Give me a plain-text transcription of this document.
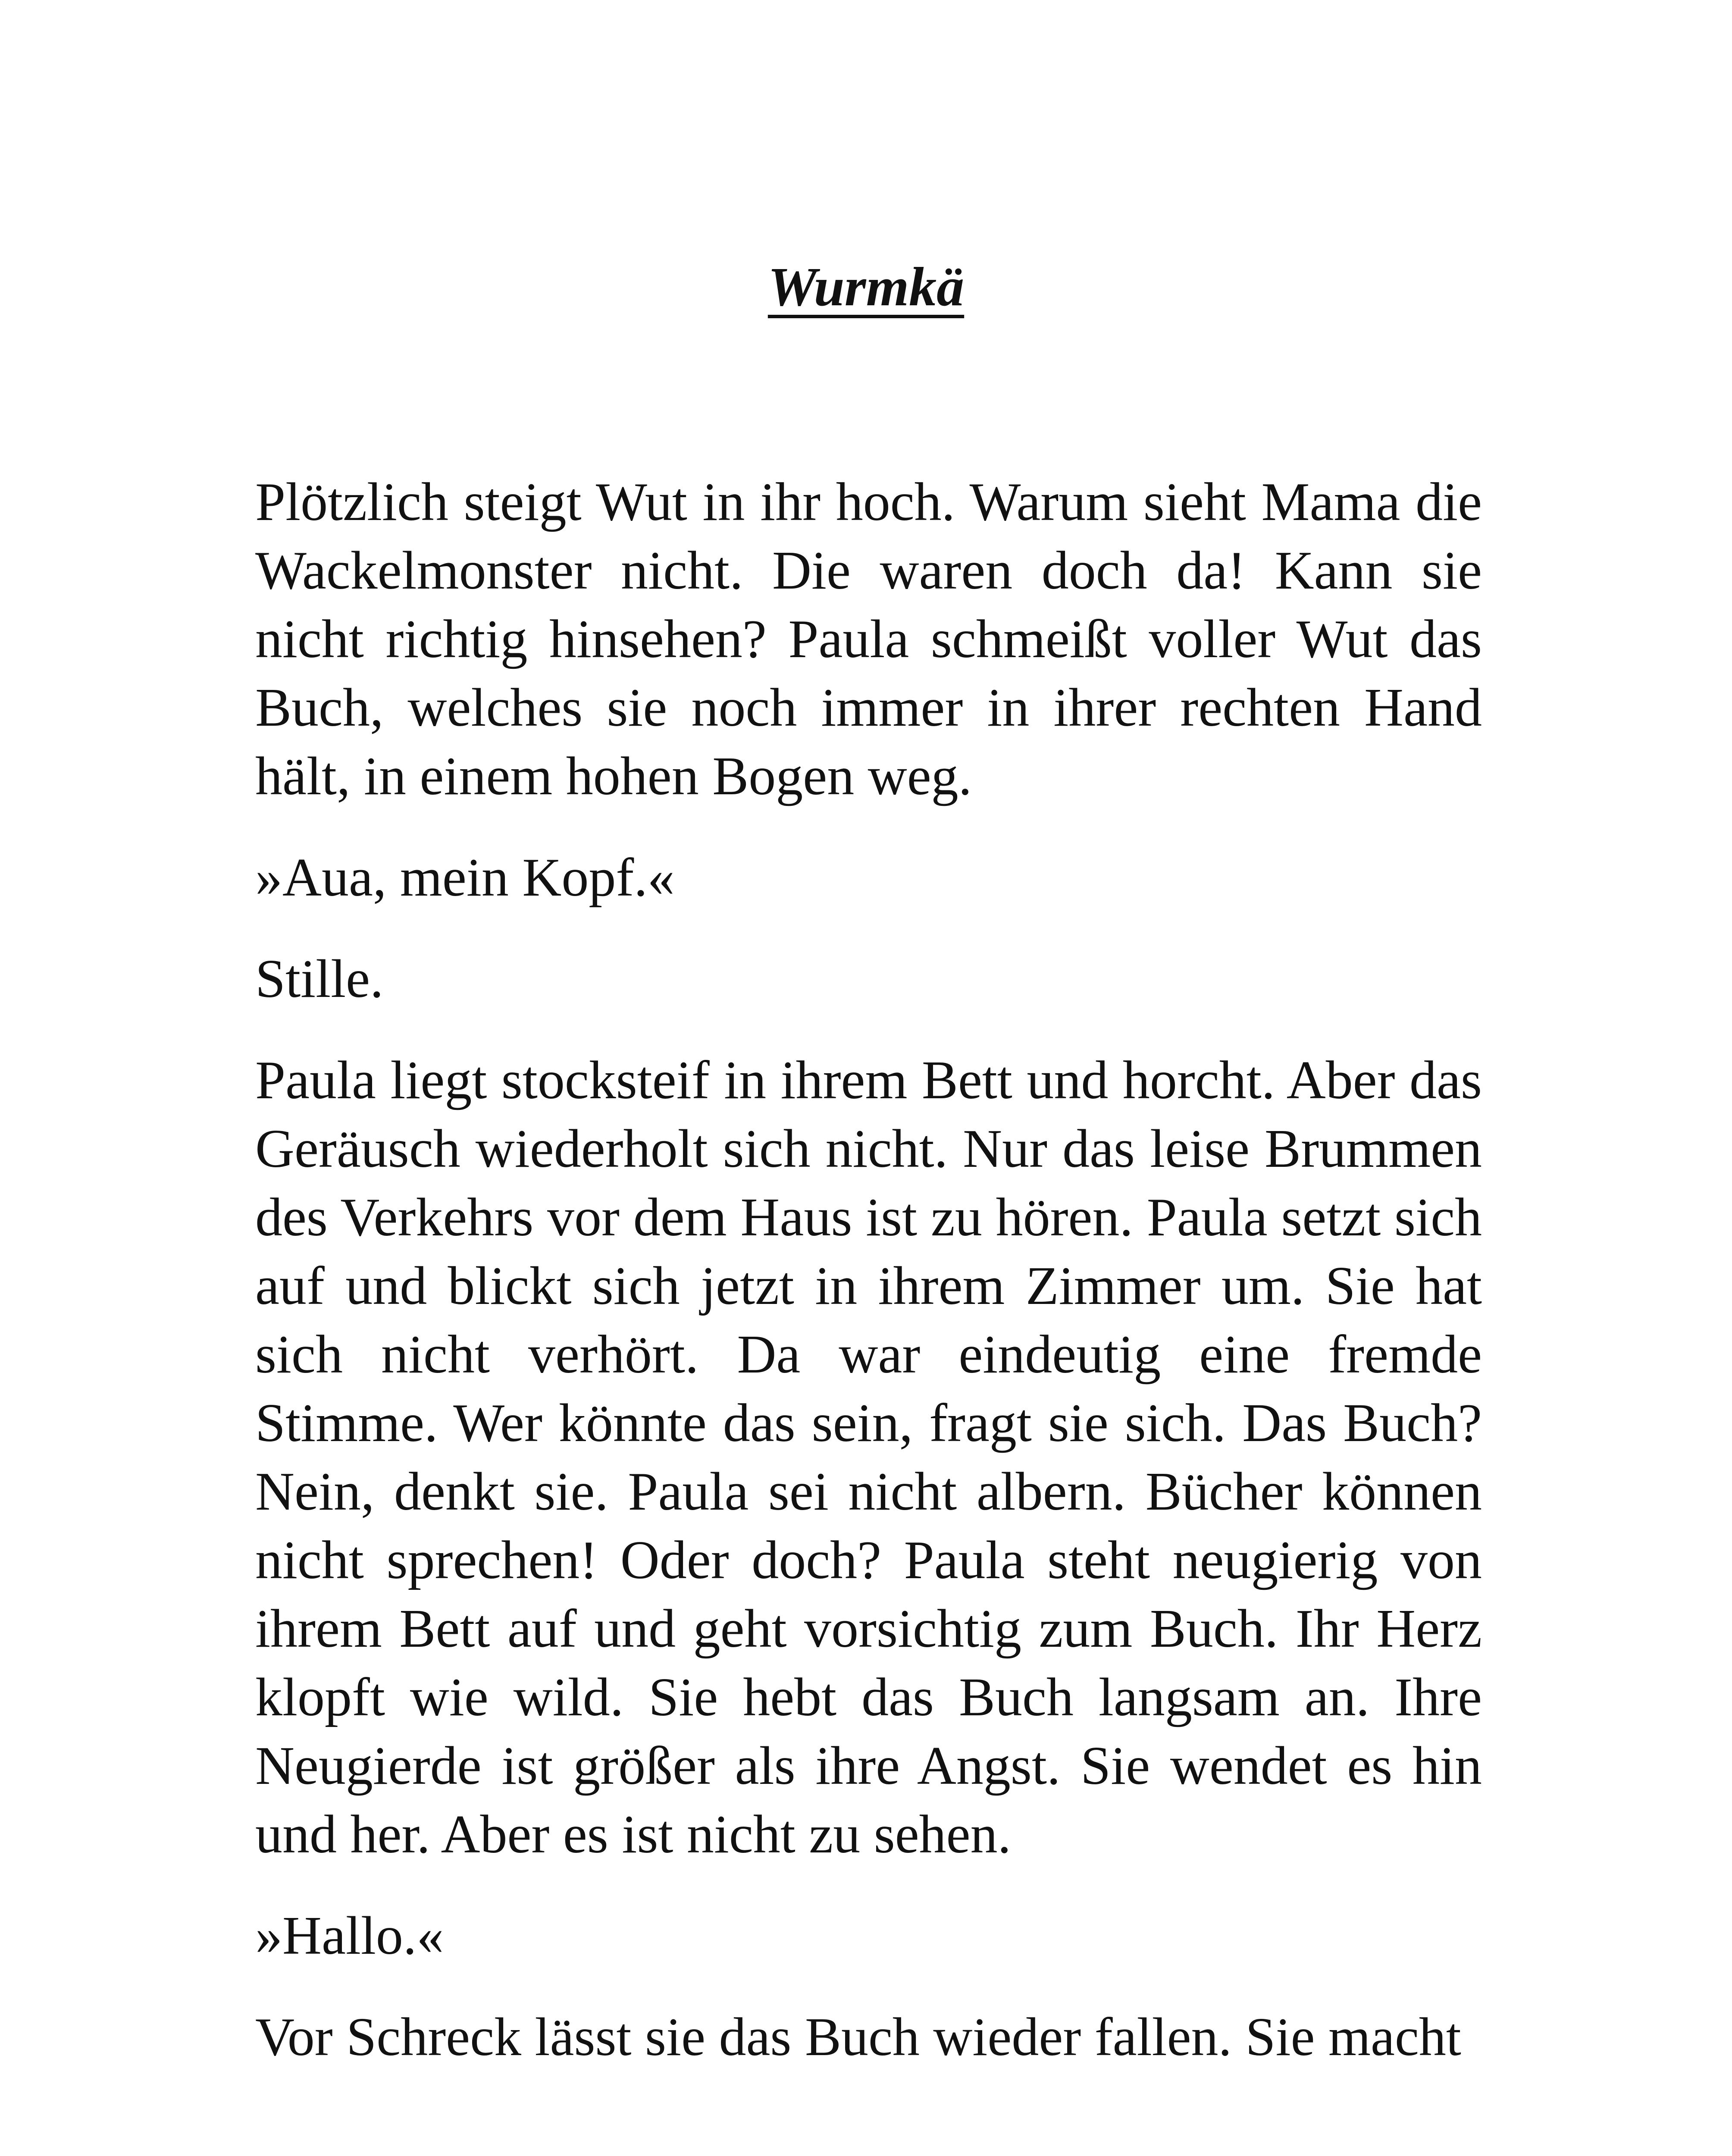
Wurmkä

Plötzlich steigt Wut in ihr hoch. Warum sieht Mama die Wackelmonster nicht. Die waren doch da! Kann sie nicht richtig hinsehen? Paula schmeißt voller Wut das Buch, welches sie noch immer in ihrer rechten Hand hält, in einem hohen Bogen weg.

»Aua, mein Kopf.«

Stille.

Paula liegt stocksteif in ihrem Bett und horcht. Aber das Geräusch wiederholt sich nicht. Nur das leise Brummen des Verkehrs vor dem Haus ist zu hören. Paula setzt sich auf und blickt sich jetzt in ihrem Zimmer um. Sie hat sich nicht verhört. Da war eindeutig eine fremde Stimme. Wer könnte das sein, fragt sie sich. Das Buch? Nein, denkt sie. Paula sei nicht albern. Bücher können nicht sprechen! Oder doch? Paula steht neugierig von ihrem Bett auf und geht vorsichtig zum Buch. Ihr Herz klopft wie wild. Sie hebt das Buch langsam an. Ihre Neugierde ist größer als ihre Angst. Sie wendet es hin und her. Aber es ist nicht zu sehen.

»Hallo.«

Vor Schreck lässt sie das Buch wieder fallen. Sie macht
